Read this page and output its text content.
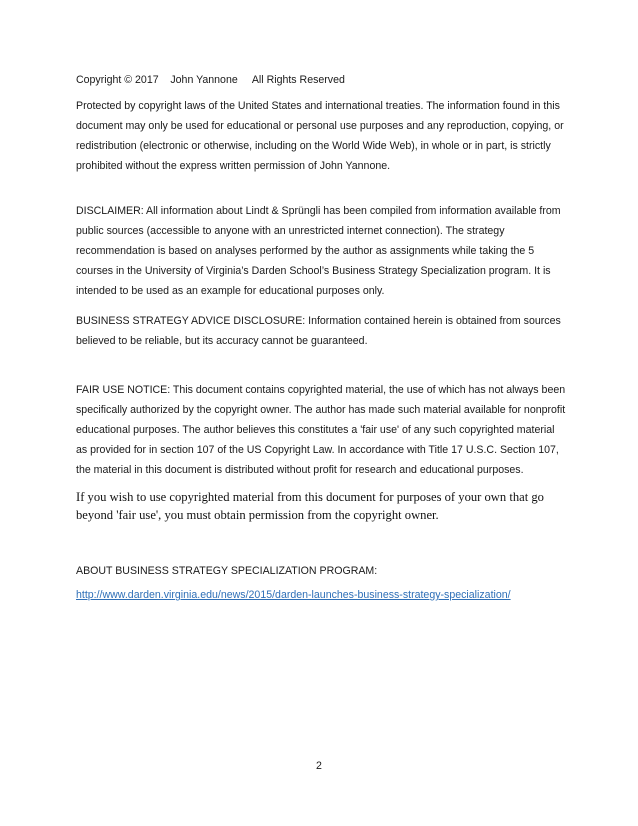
Copyright © 2017    John Yannone     All Rights Reserved

Protected by copyright laws of the United States and international treaties. The information found in this document may only be used for educational or personal use purposes and any reproduction, copying, or redistribution (electronic or otherwise, including on the World Wide Web), in whole or in part, is strictly prohibited without the express written permission of John Yannone.

DISCLAIMER: All information about Lindt & Sprüngli has been compiled from information available from public sources (accessible to anyone with an unrestricted internet connection). The strategy recommendation is based on analyses performed by the author as assignments while taking the 5 courses in the University of Virginia’s Darden School’s Business Strategy Specialization program. It is intended to be used as an example for educational purposes only.

BUSINESS STRATEGY ADVICE DISCLOSURE: Information contained herein is obtained from sources believed to be reliable, but its accuracy cannot be guaranteed.

FAIR USE NOTICE: This document contains copyrighted material, the use of which has not always been specifically authorized by the copyright owner. The author has made such material available for nonprofit educational purposes. The author believes this constitutes a 'fair use' of any such copyrighted material as provided for in section 107 of the US Copyright Law. In accordance with Title 17 U.S.C. Section 107, the material in this document is distributed without profit for research and educational purposes.

If you wish to use copyrighted material from this document for purposes of your own that go beyond 'fair use', you must obtain permission from the copyright owner.

ABOUT BUSINESS STRATEGY SPECIALIZATION PROGRAM:

http://www.darden.virginia.edu/news/2015/darden-launches-business-strategy-specialization/
2
